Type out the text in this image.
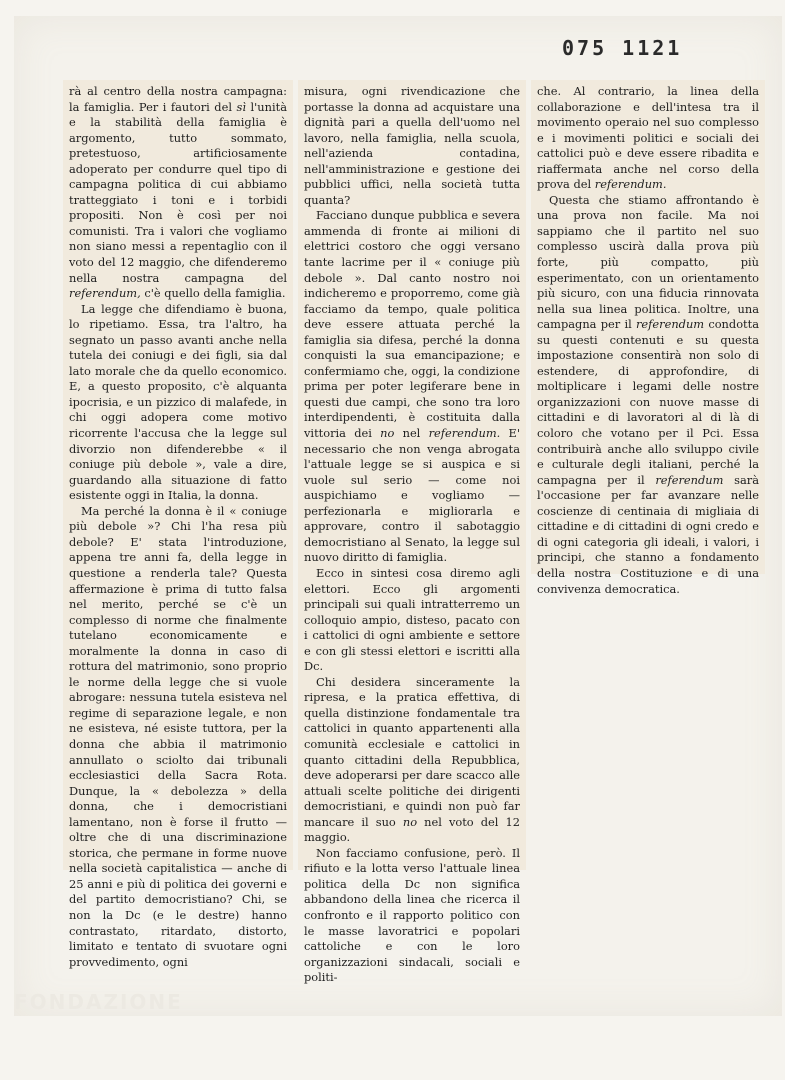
075 1121

rà al centro della nostra campagna: la famiglia. Per i fautori del sì l'unità e la stabilità della famiglia è argomento, tutto sommato, pretestuoso, artificiosamente adoperato per condurre quel tipo di campagna politica di cui abbiamo tratteggiato i toni e i torbidi propositi. Non è così per noi comunisti. Tra i valori che vogliamo non siano messi a repentaglio con il voto del 12 maggio, che difenderemo nella nostra campagna del referendum, c'è quello della famiglia.

La legge che difendiamo è buona, lo ripetiamo. Essa, tra l'altro, ha segnato un passo avanti anche nella tutela dei coniugi e dei figli, sia dal lato morale che da quello economico. E, a questo proposito, c'è alquanta ipocrisia, e un pizzico di malafede, in chi oggi adopera come motivo ricorrente l'accusa che la legge sul divorzio non difenderebbe « il coniuge più debole », vale a dire, guardando alla situazione di fatto esistente oggi in Italia, la donna.

Ma perché la donna è il « coniuge più debole »? Chi l'ha resa più debole? E' stata l'introduzione, appena tre anni fa, della legge in questione a renderla tale? Questa affermazione è prima di tutto falsa nel merito, perché se c'è un complesso di norme che finalmente tutelano economicamente e moralmente la donna in caso di rottura del matrimonio, sono proprio le norme della legge che si vuole abrogare: nessuna tutela esisteva nel regime di separazione legale, e non ne esisteva, né esiste tuttora, per la donna che abbia il matrimonio annullato o sciolto dai tribunali ecclesiastici della Sacra Rota. Dunque, la « debolezza » della donna, che i democristiani lamentano, non è forse il frutto — oltre che di una discriminazione storica, che permane in forme nuove nella società capitalistica — anche di 25 anni e più di politica dei governi e del partito democristiano? Chi, se non la Dc (e le destre) hanno contrastato, ritardato, distorto, limitato e tentato di svuotare ogni provvedimento, ogni

misura, ogni rivendicazione che portasse la donna ad acquistare una dignità pari a quella dell'uomo nel lavoro, nella famiglia, nella scuola, nell'azienda contadina, nell'amministrazione e gestione dei pubblici uffici, nella società tutta quanta?

Facciano dunque pubblica e severa ammenda di fronte ai milioni di elettrici costoro che oggi versano tante lacrime per il « coniuge più debole ». Dal canto nostro noi indicheremo e proporremo, come già facciamo da tempo, quale politica deve essere attuata perché la famiglia sia difesa, perché la donna conquisti la sua emancipazione; e confermiamo che, oggi, la condizione prima per poter legiferare bene in questi due campi, che sono tra loro interdipendenti, è costituita dalla vittoria dei no nel referendum. E' necessario che non venga abrogata l'attuale legge se si auspica e si vuole sul serio — come noi auspichiamo e vogliamo — perfezionarla e migliorarla e approvare, contro il sabotaggio democristiano al Senato, la legge sul nuovo diritto di famiglia.

Ecco in sintesi cosa diremo agli elettori. Ecco gli argomenti principali sui quali intratterremo un colloquio ampio, disteso, pacato con i cattolici di ogni ambiente e settore e con gli stessi elettori e iscritti alla Dc.

Chi desidera sinceramente la ripresa, e la pratica effettiva, di quella distinzione fondamentale tra cattolici in quanto appartenenti alla comunità ecclesiale e cattolici in quanto cittadini della Repubblica, deve adoperarsi per dare scacco alle attuali scelte politiche dei dirigenti democristiani, e quindi non può far mancare il suo no nel voto del 12 maggio.

Non facciamo confusione, però. Il rifiuto e la lotta verso l'attuale linea politica della Dc non significa abbandono della linea che ricerca il confronto e il rapporto politico con le masse lavoratrici e popolari cattoliche e con le loro organizzazioni sindacali, sociali e politi-

che. Al contrario, la linea della collaborazione e dell'intesa tra il movimento operaio nel suo complesso e i movimenti politici e sociali dei cattolici può e deve essere ribadita e riaffermata anche nel corso della prova del referendum.

Questa che stiamo affrontando è una prova non facile. Ma noi sappiamo che il partito nel suo complesso uscirà dalla prova più forte, più compatto, più esperimentato, con un orientamento più sicuro, con una fiducia rinnovata nella sua linea politica. Inoltre, una campagna per il referendum condotta su questi contenuti e su questa impostazione consentirà non solo di estendere, di approfondire, di moltiplicare i legami delle nostre organizzazioni con nuove masse di cittadini e di lavoratori al di là di coloro che votano per il Pci. Essa contribuirà anche allo sviluppo civile e culturale degli italiani, perché la campagna per il referendum sarà l'occasione per far avanzare nelle coscienze di centinaia di migliaia di cittadine e di cittadini di ogni credo e di ogni categoria gli ideali, i valori, i principi, che stanno a fondamento della nostra Costituzione e di una convivenza democratica.

FONDAZIONE
